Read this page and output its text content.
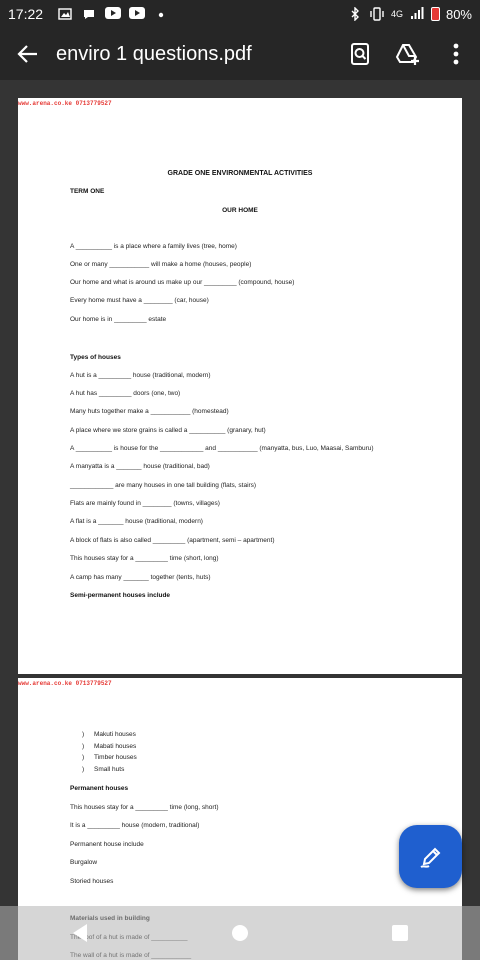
17:22	4G	80%
enviro 1 questions.pdf
www.arena.co.ke 0713779527
GRADE ONE ENVIRONMENTAL ACTIVITIES
TERM ONE
OUR HOME
A __________ is a place where a family lives (tree, home)
One or many ___________ will make a home (houses, people)
Our home and what is around us make up our _________ (compound, house)
Every home must have a ________ (car, house)
Our home is in _________ estate
Types of houses
A hut is a _________ house (traditional, modern)
A hut has _________ doors (one, two)
Many huts together make a ___________ (homestead)
A place where we store grains is called a __________ (granary, hut)
A __________ is house for the ____________ and ___________ (manyatta, bus, Luo, Maasai, Samburu)
A manyatta is a _______ house (traditional, bad)
____________ are many houses in one tall building (flats, stairs)
Flats are mainly found in ________ (towns, villages)
A flat is a _______ house (traditional, modern)
A block of flats is also called _________ (apartment, semi – apartment)
This houses stay for a _________ time (short, long)
A camp has many _______ together (tents, huts)
Semi-permanent houses include
www.arena.co.ke 0713779527
) Makuti houses
) Mabati houses
) Timber houses
) Small huts
Permanent houses
This houses stay for a _________ time (long, short)
It is a _________ house (modern, traditional)
Permanent house include
Burgalow
Storied houses
